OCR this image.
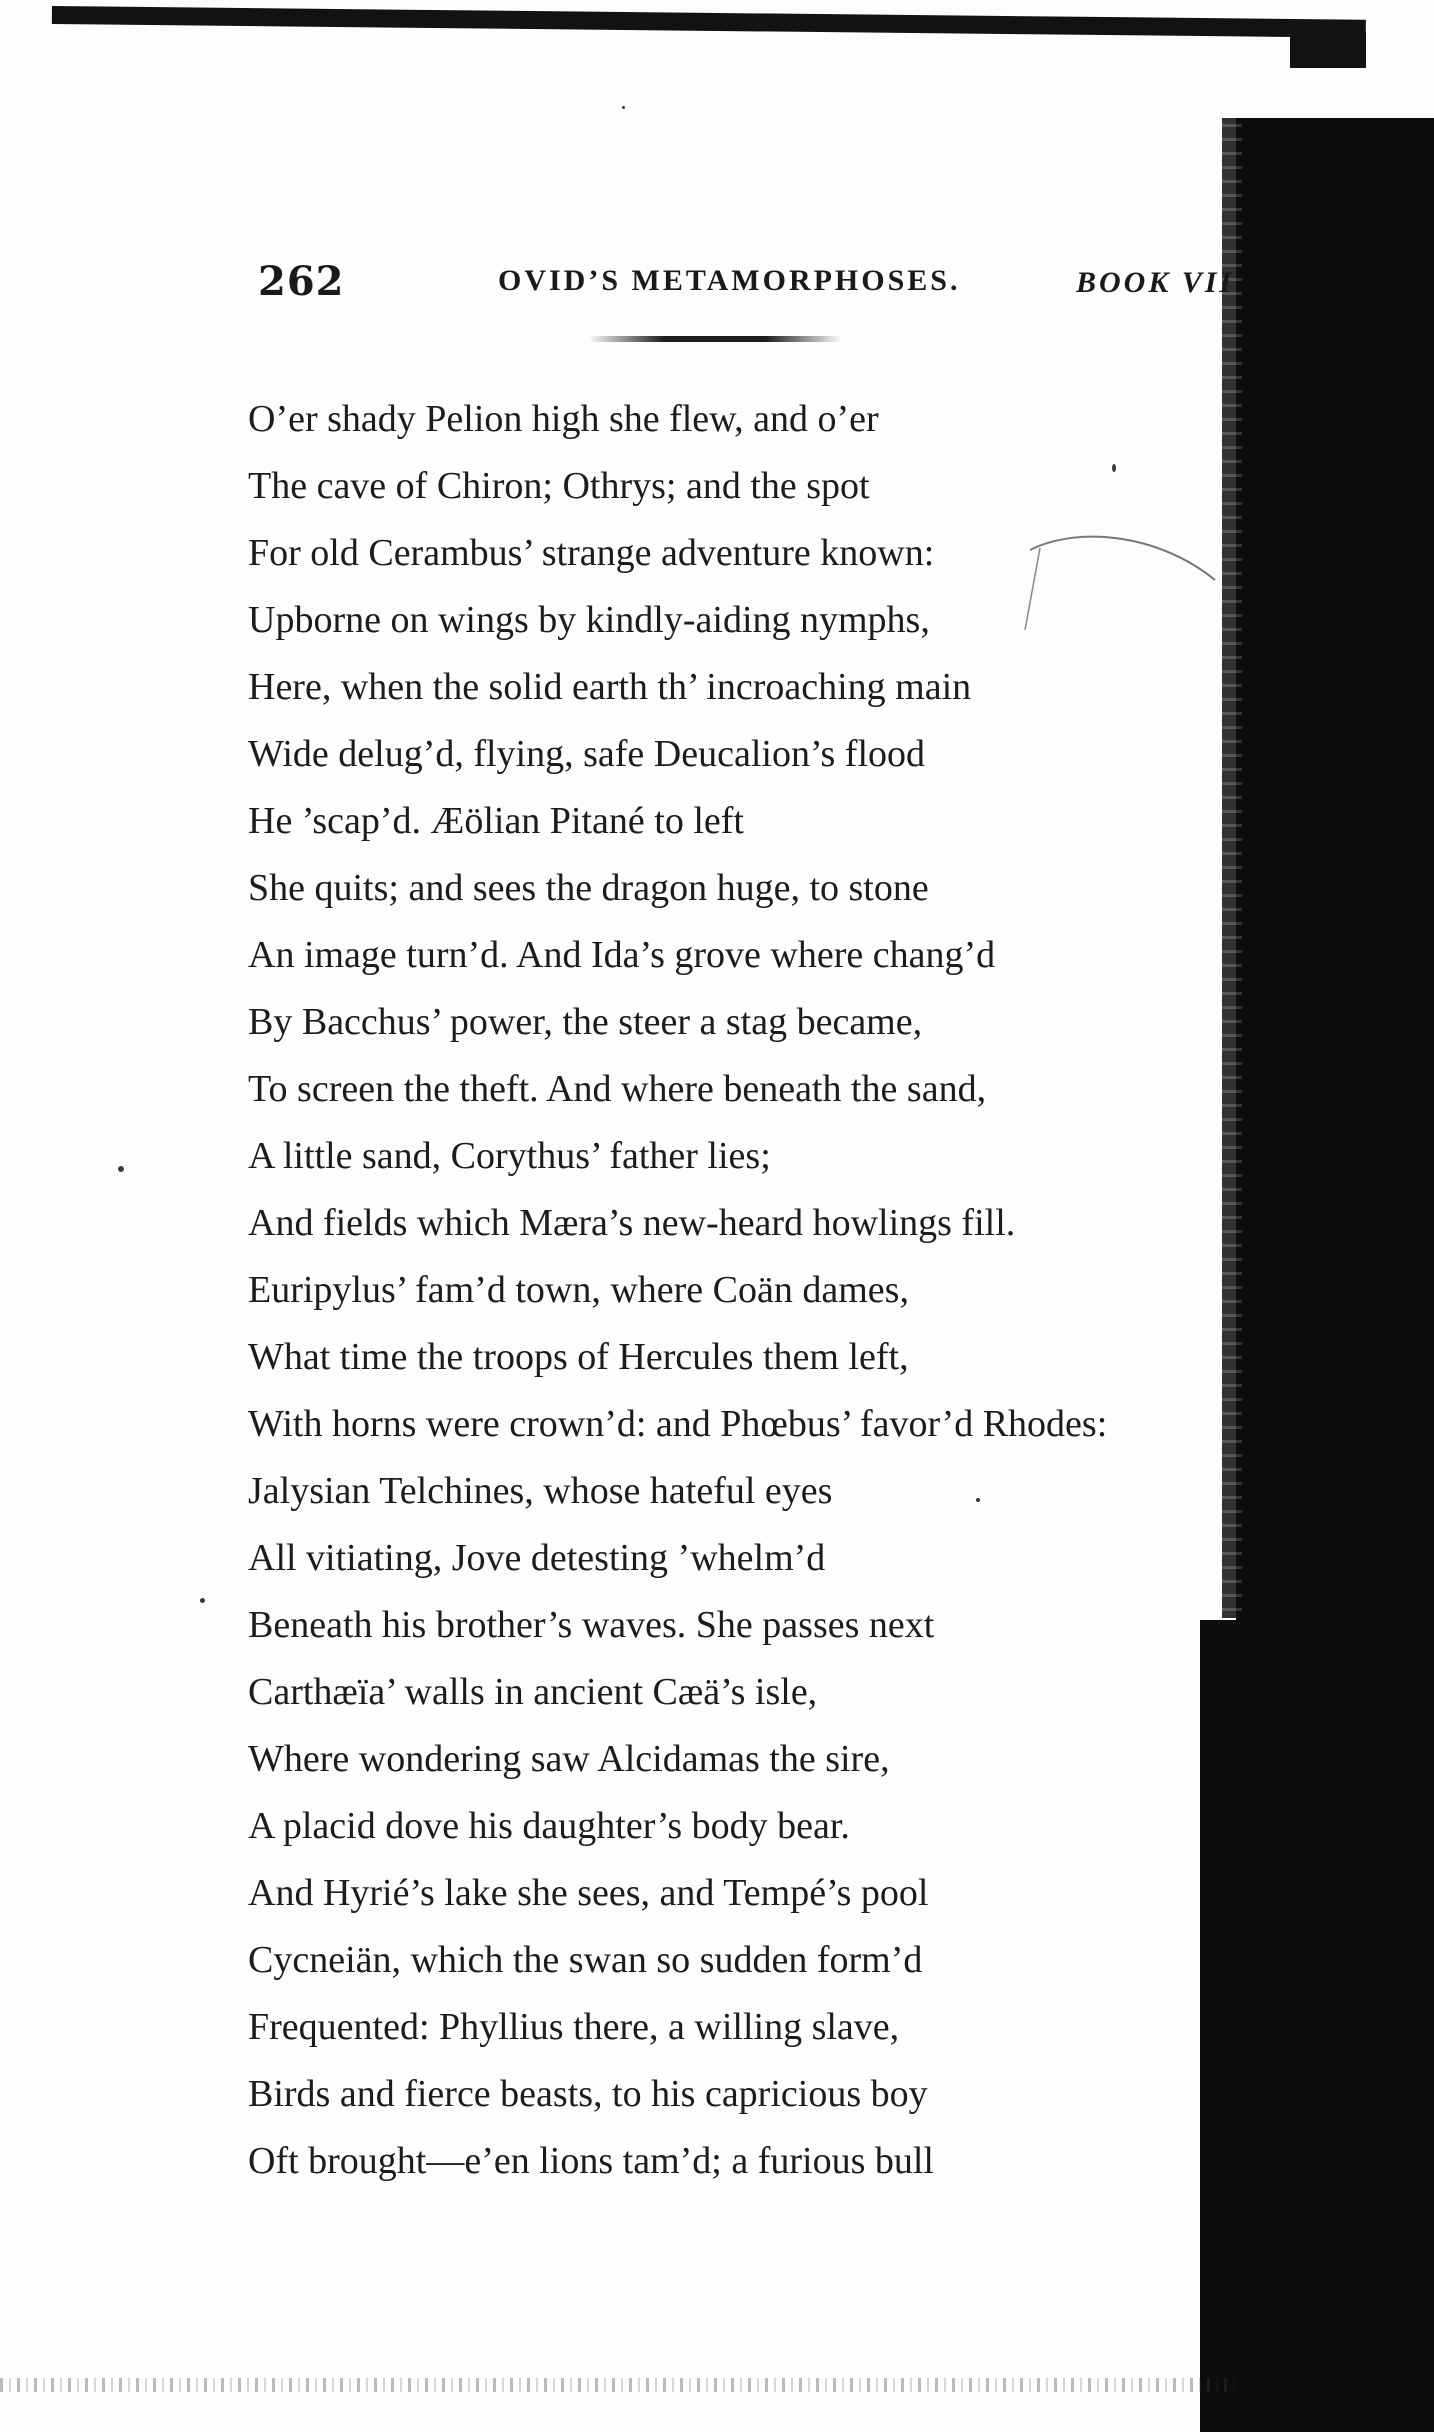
262	OVID’S METAMORPHOSES.	BOOK VII
O’er shady Pelion high she flew, and o’er
The cave of Chiron; Othrys; and the spot
For old Cerambus’ strange adventure known:
Upborne on wings by kindly-aiding nymphs,
Here, when the solid earth th’ incroaching main
Wide delug’d, flying, safe Deucalion’s flood
He ’scap’d. Æölian Pitané to left
She quits; and sees the dragon huge, to stone
An image turn’d. And Ida’s grove where chang’d
By Bacchus’ power, the steer a stag became,
To screen the theft. And where beneath the sand,
A little sand, Corythus’ father lies;
And fields which Mæra’s new-heard howlings fill.
Euripylus’ fam’d town, where Coän dames,
What time the troops of Hercules them left,
With horns were crown’d: and Phœbus’ favor’d Rhodes:
Jalysian Telchines, whose hateful eyes
All vitiating, Jove detesting ’whelm’d
Beneath his brother’s waves. She passes next
Carthæïa’ walls in ancient Cæä’s isle,
Where wondering saw Alcidamas the sire,
A placid dove his daughter’s body bear.
And Hyrié’s lake she sees, and Tempé’s pool
Cycneiän, which the swan so sudden form’d
Frequented: Phyllius there, a willing slave,
Birds and fierce beasts, to his capricious boy
Oft brought—e’en lions tam’d; a furious bull
